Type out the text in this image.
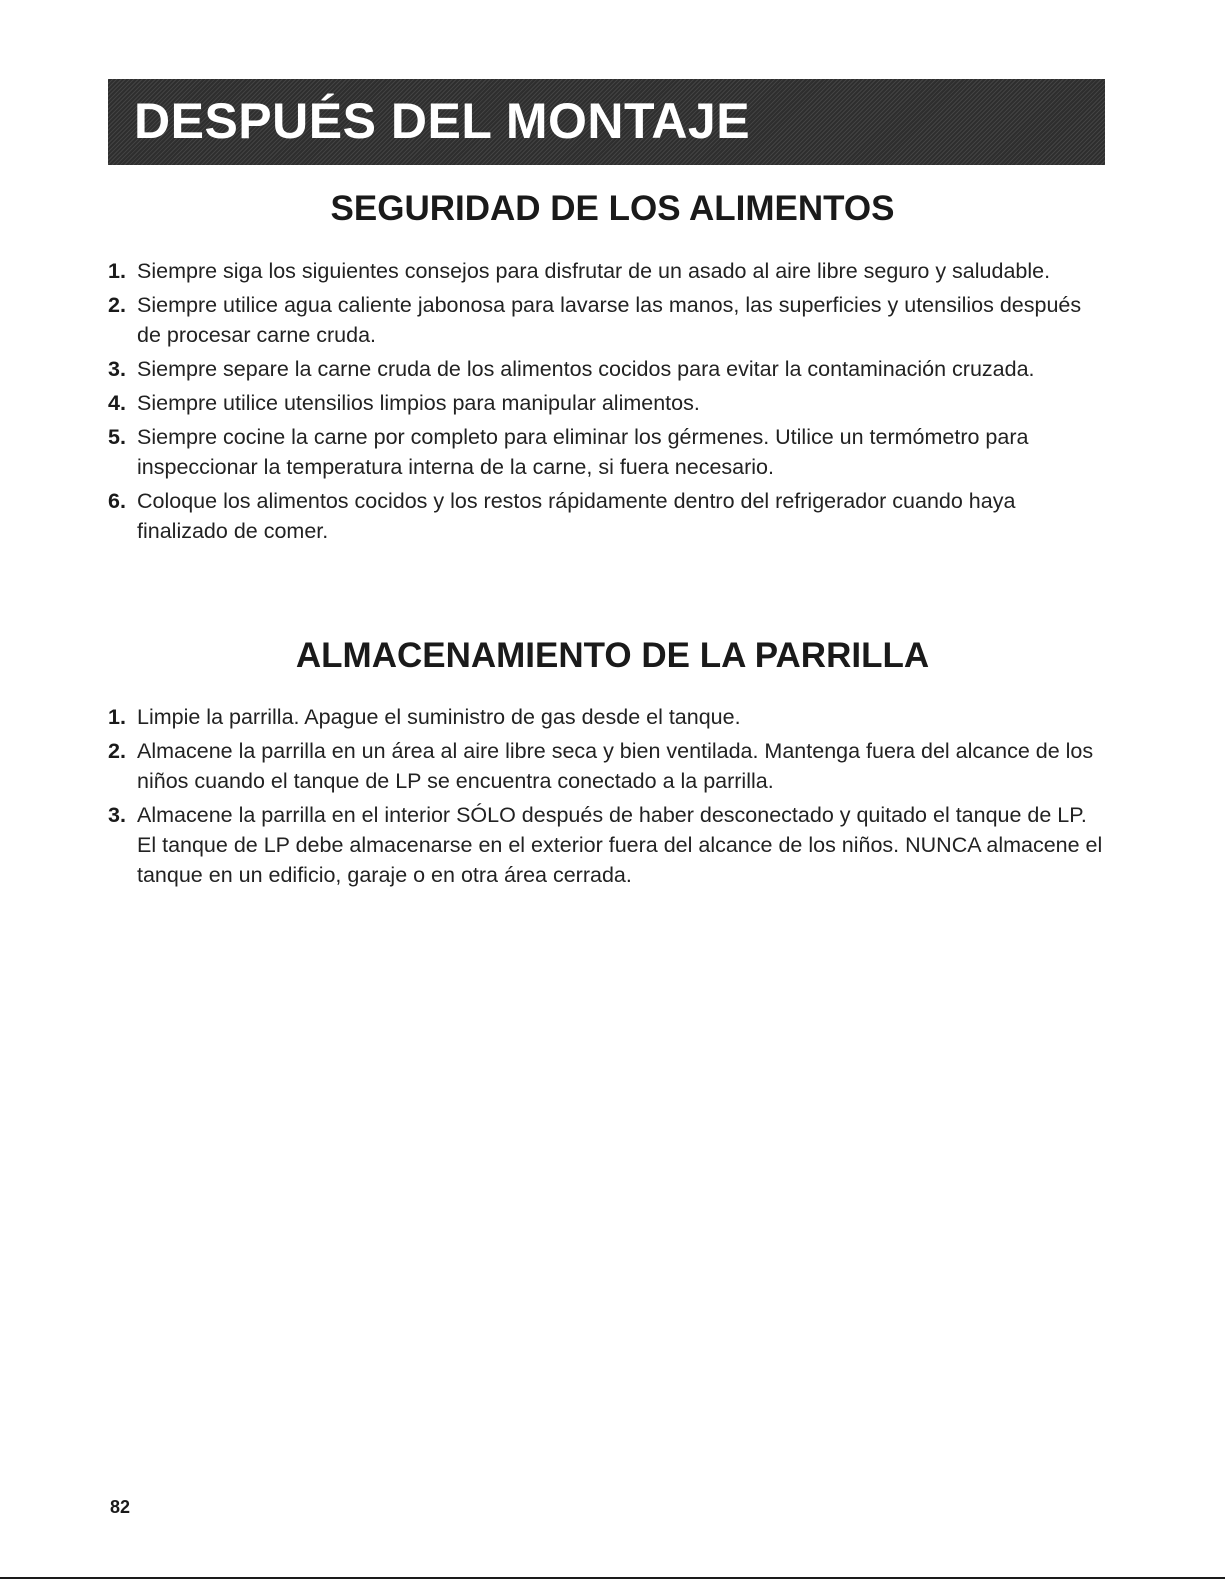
DESPUÉS DEL MONTAJE
SEGURIDAD DE LOS ALIMENTOS
1. Siempre siga los siguientes consejos para disfrutar de un asado al aire libre seguro y saludable.
2. Siempre utilice agua caliente jabonosa para lavarse las manos, las superficies y utensilios después de procesar carne cruda.
3. Siempre separe la carne cruda de los alimentos cocidos para evitar la contaminación cruzada.
4. Siempre utilice utensilios limpios para manipular alimentos.
5. Siempre cocine la carne por completo para eliminar los gérmenes. Utilice un termómetro para inspeccionar la temperatura interna de la carne, si fuera necesario.
6. Coloque los alimentos cocidos y los restos rápidamente dentro del refrigerador cuando haya finalizado de comer.
ALMACENAMIENTO DE LA PARRILLA
1. Limpie la parrilla. Apague el suministro de gas desde el tanque.
2. Almacene la parrilla en un área al aire libre seca y bien ventilada. Mantenga fuera del alcance de los niños cuando el tanque de LP se encuentra conectado a la parrilla.
3. Almacene la parrilla en el interior SÓLO después de haber desconectado y quitado el tanque de LP. El tanque de LP debe almacenarse en el exterior fuera del alcance de los niños. NUNCA almacene el tanque en un edificio, garaje o en otra área cerrada.
82
